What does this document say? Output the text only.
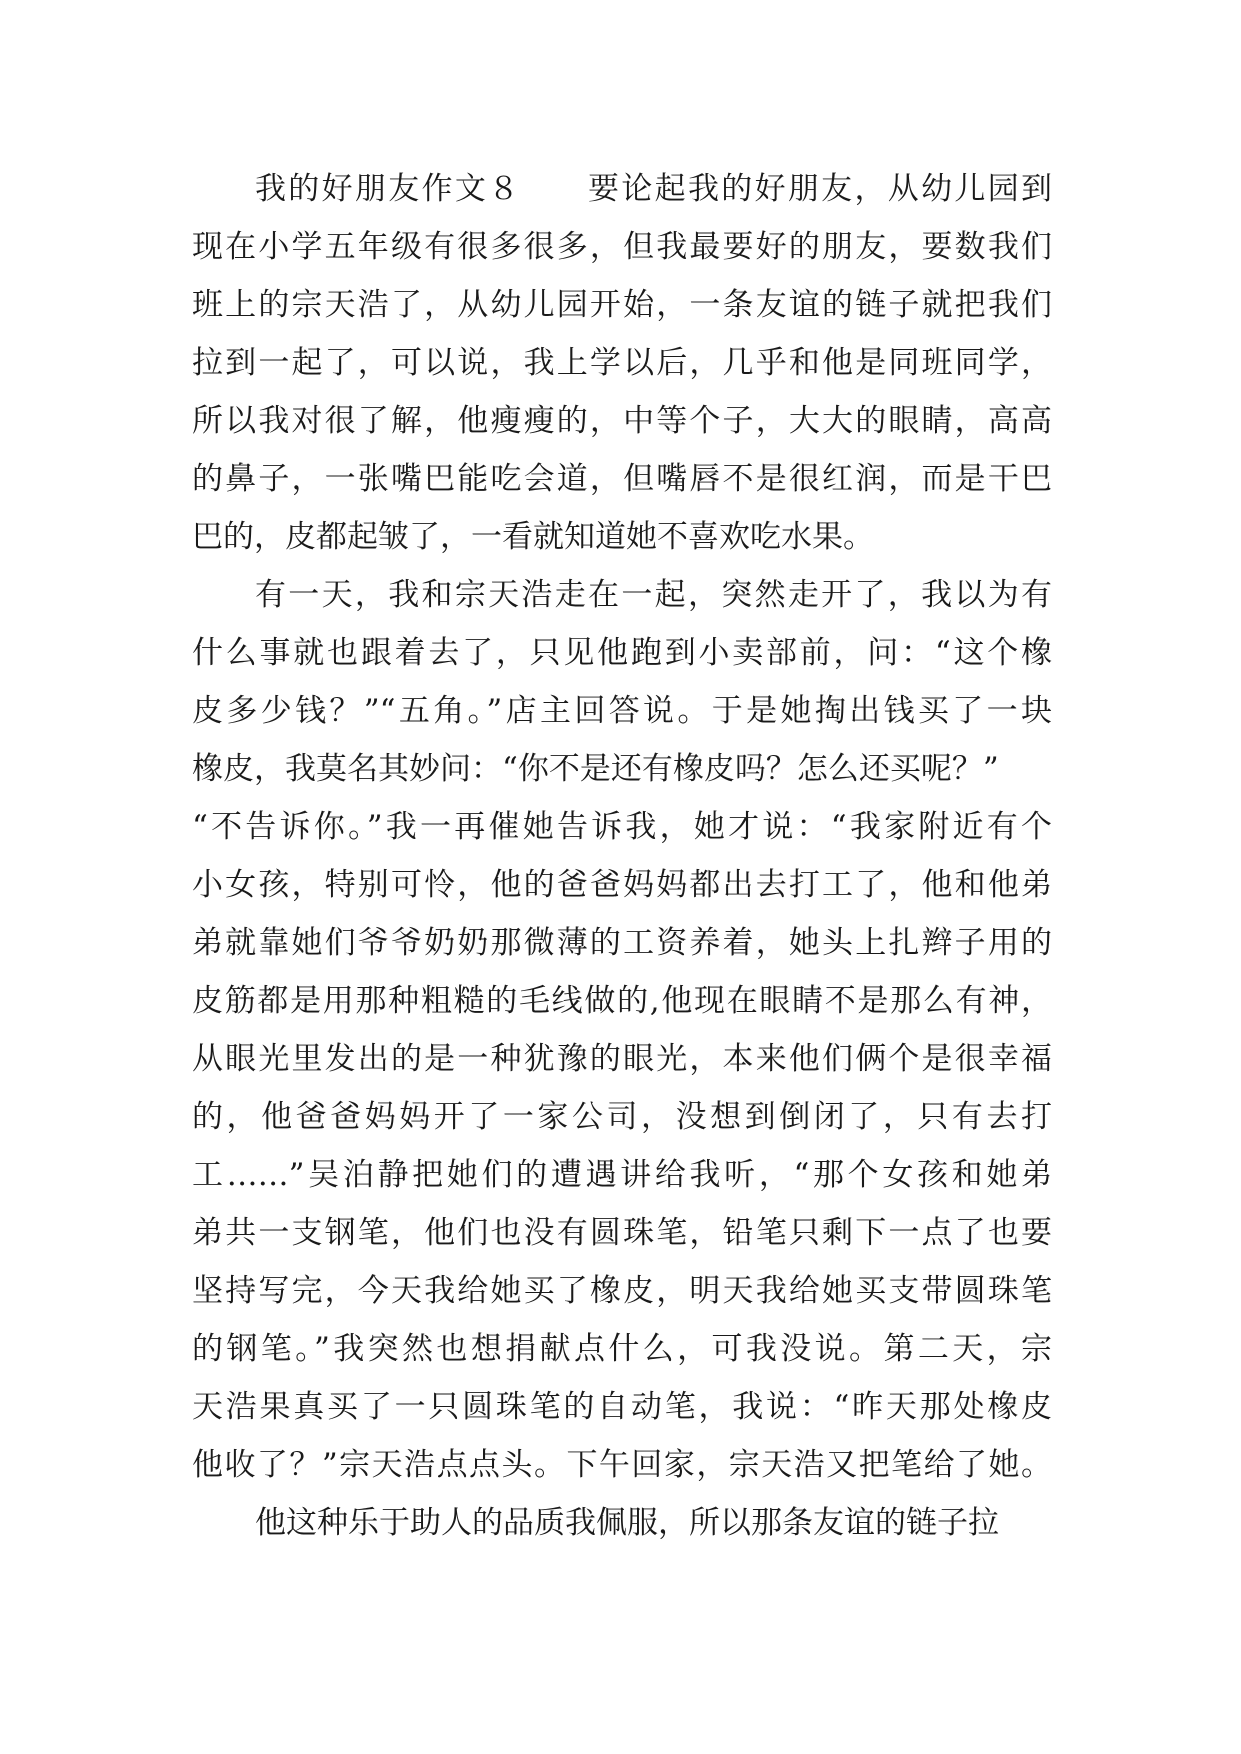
我的好朋友作文８　　要论起我的好朋友，从幼儿园到
现在小学五年级有很多很多，但我最要好的朋友，要数我们
班上的宗天浩了，从幼儿园开始，一条友谊的链子就把我们
拉到一起了，可以说，我上学以后，几乎和他是同班同学，
所以我对很了解，他瘦瘦的，中等个子，大大的眼睛，高高
的鼻子，一张嘴巴能吃会道，但嘴唇不是很红润，而是干巴
巴的，皮都起皱了，一看就知道她不喜欢吃水果。
有一天，我和宗天浩走在一起，突然走开了，我以为有
什么事就也跟着去了，只见他跑到小卖部前，问：“这个橡
皮多少钱？”“五角。”店主回答说。于是她掏出钱买了一块
橡皮，我莫名其妙问：“你不是还有橡皮吗？怎么还买呢？”
“不告诉你。”我一再催她告诉我，她才说：“我家附近有个
小女孩，特别可怜，他的爸爸妈妈都出去打工了，他和他弟
弟就靠她们爷爷奶奶那微薄的工资养着，她头上扎辫子用的
皮筋都是用那种粗糙的毛线做的,他现在眼睛不是那么有神，
从眼光里发出的是一种犹豫的眼光，本来他们俩个是很幸福
的，他爸爸妈妈开了一家公司，没想到倒闭了，只有去打
工……”吴泊静把她们的遭遇讲给我听，“那个女孩和她弟
弟共一支钢笔，他们也没有圆珠笔，铅笔只剩下一点了也要
坚持写完，今天我给她买了橡皮，明天我给她买支带圆珠笔
的钢笔。”我突然也想捐献点什么，可我没说。第二天，宗
天浩果真买了一只圆珠笔的自动笔，我说：“昨天那处橡皮
他收了？”宗天浩点点头。下午回家，宗天浩又把笔给了她。
他这种乐于助人的品质我佩服，所以那条友谊的链子拉
